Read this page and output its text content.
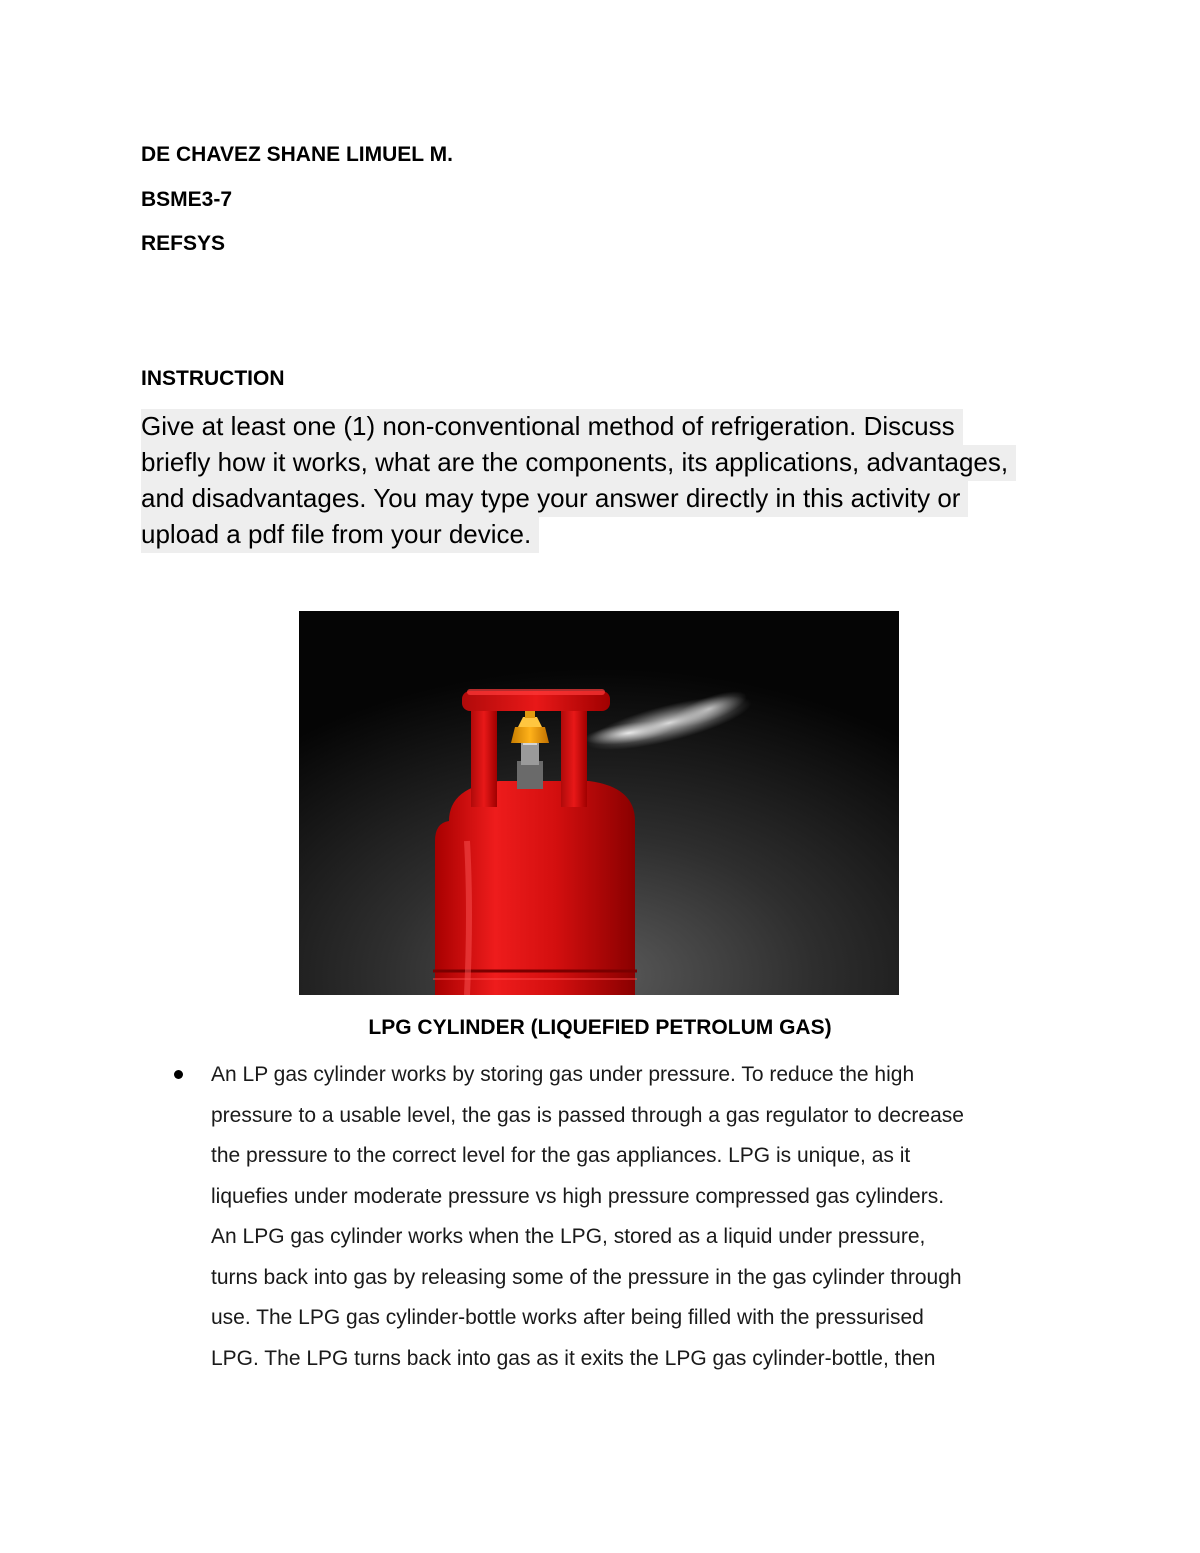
DE CHAVEZ SHANE LIMUEL M.
BSME3-7
REFSYS
INSTRUCTION
Give at least one (1) non-conventional method of refrigeration. Discuss
briefly how it works, what are the components, its applications, advantages,
and disadvantages. You may type your answer directly in this activity or
upload a pdf file from your device.
LPG CYLINDER (LIQUEFIED PETROLUM GAS)
An LP gas cylinder works by storing gas under pressure. To reduce the high
pressure to a usable level, the gas is passed through a gas regulator to decrease
the pressure to the correct level for the gas appliances. LPG is unique, as it
liquefies under moderate pressure vs high pressure compressed gas cylinders.
An LPG gas cylinder works when the LPG, stored as a liquid under pressure,
turns back into gas by releasing some of the pressure in the gas cylinder through
use. The LPG gas cylinder-bottle works after being filled with the pressurised
LPG. The LPG turns back into gas as it exits the LPG gas cylinder-bottle, then
